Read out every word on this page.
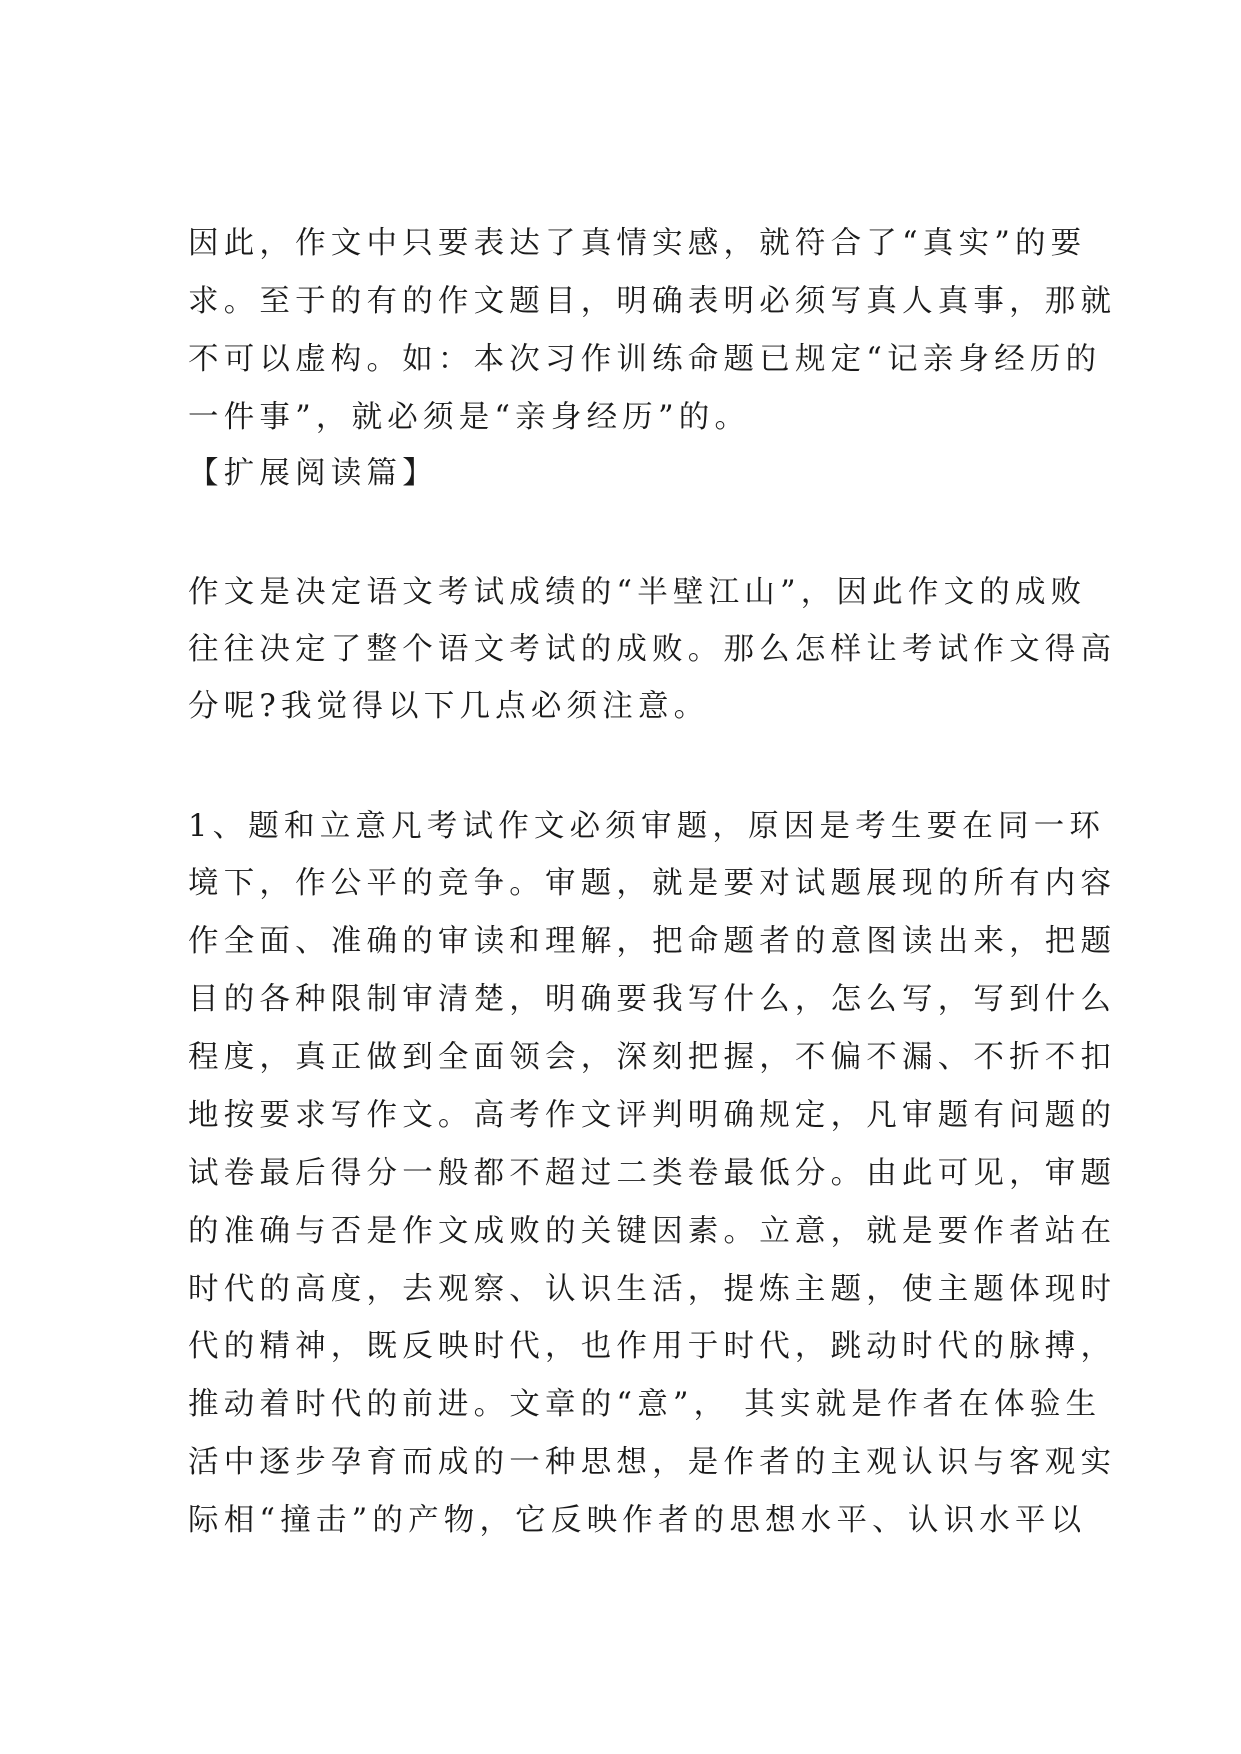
因此，作文中只要表达了真情实感，就符合了“真实”的要
求。至于的有的作文题目，明确表明必须写真人真事，那就
不可以虚构。如：本次习作训练命题已规定“记亲身经历的
一件事”，就必须是“亲身经历”的。
【扩展阅读篇】
作文是决定语文考试成绩的“半壁江山”，因此作文的成败
往往决定了整个语文考试的成败。那么怎样让考试作文得高
分呢?我觉得以下几点必须注意。
1、题和立意凡考试作文必须审题，原因是考生要在同一环
境下，作公平的竞争。审题，就是要对试题展现的所有内容
作全面、准确的审读和理解，把命题者的意图读出来，把题
目的各种限制审清楚，明确要我写什么，怎么写，写到什么
程度，真正做到全面领会，深刻把握，不偏不漏、不折不扣
地按要求写作文。高考作文评判明确规定，凡审题有问题的
试卷最后得分一般都不超过二类卷最低分。由此可见，审题
的准确与否是作文成败的关键因素。立意，就是要作者站在
时代的高度，去观察、认识生活，提炼主题，使主题体现时
代的精神，既反映时代，也作用于时代，跳动时代的脉搏，
推动着时代的前进。文章的“意”， 其实就是作者在体验生
活中逐步孕育而成的一种思想，是作者的主观认识与客观实
际相“撞击”的产物，它反映作者的思想水平、认识水平以
